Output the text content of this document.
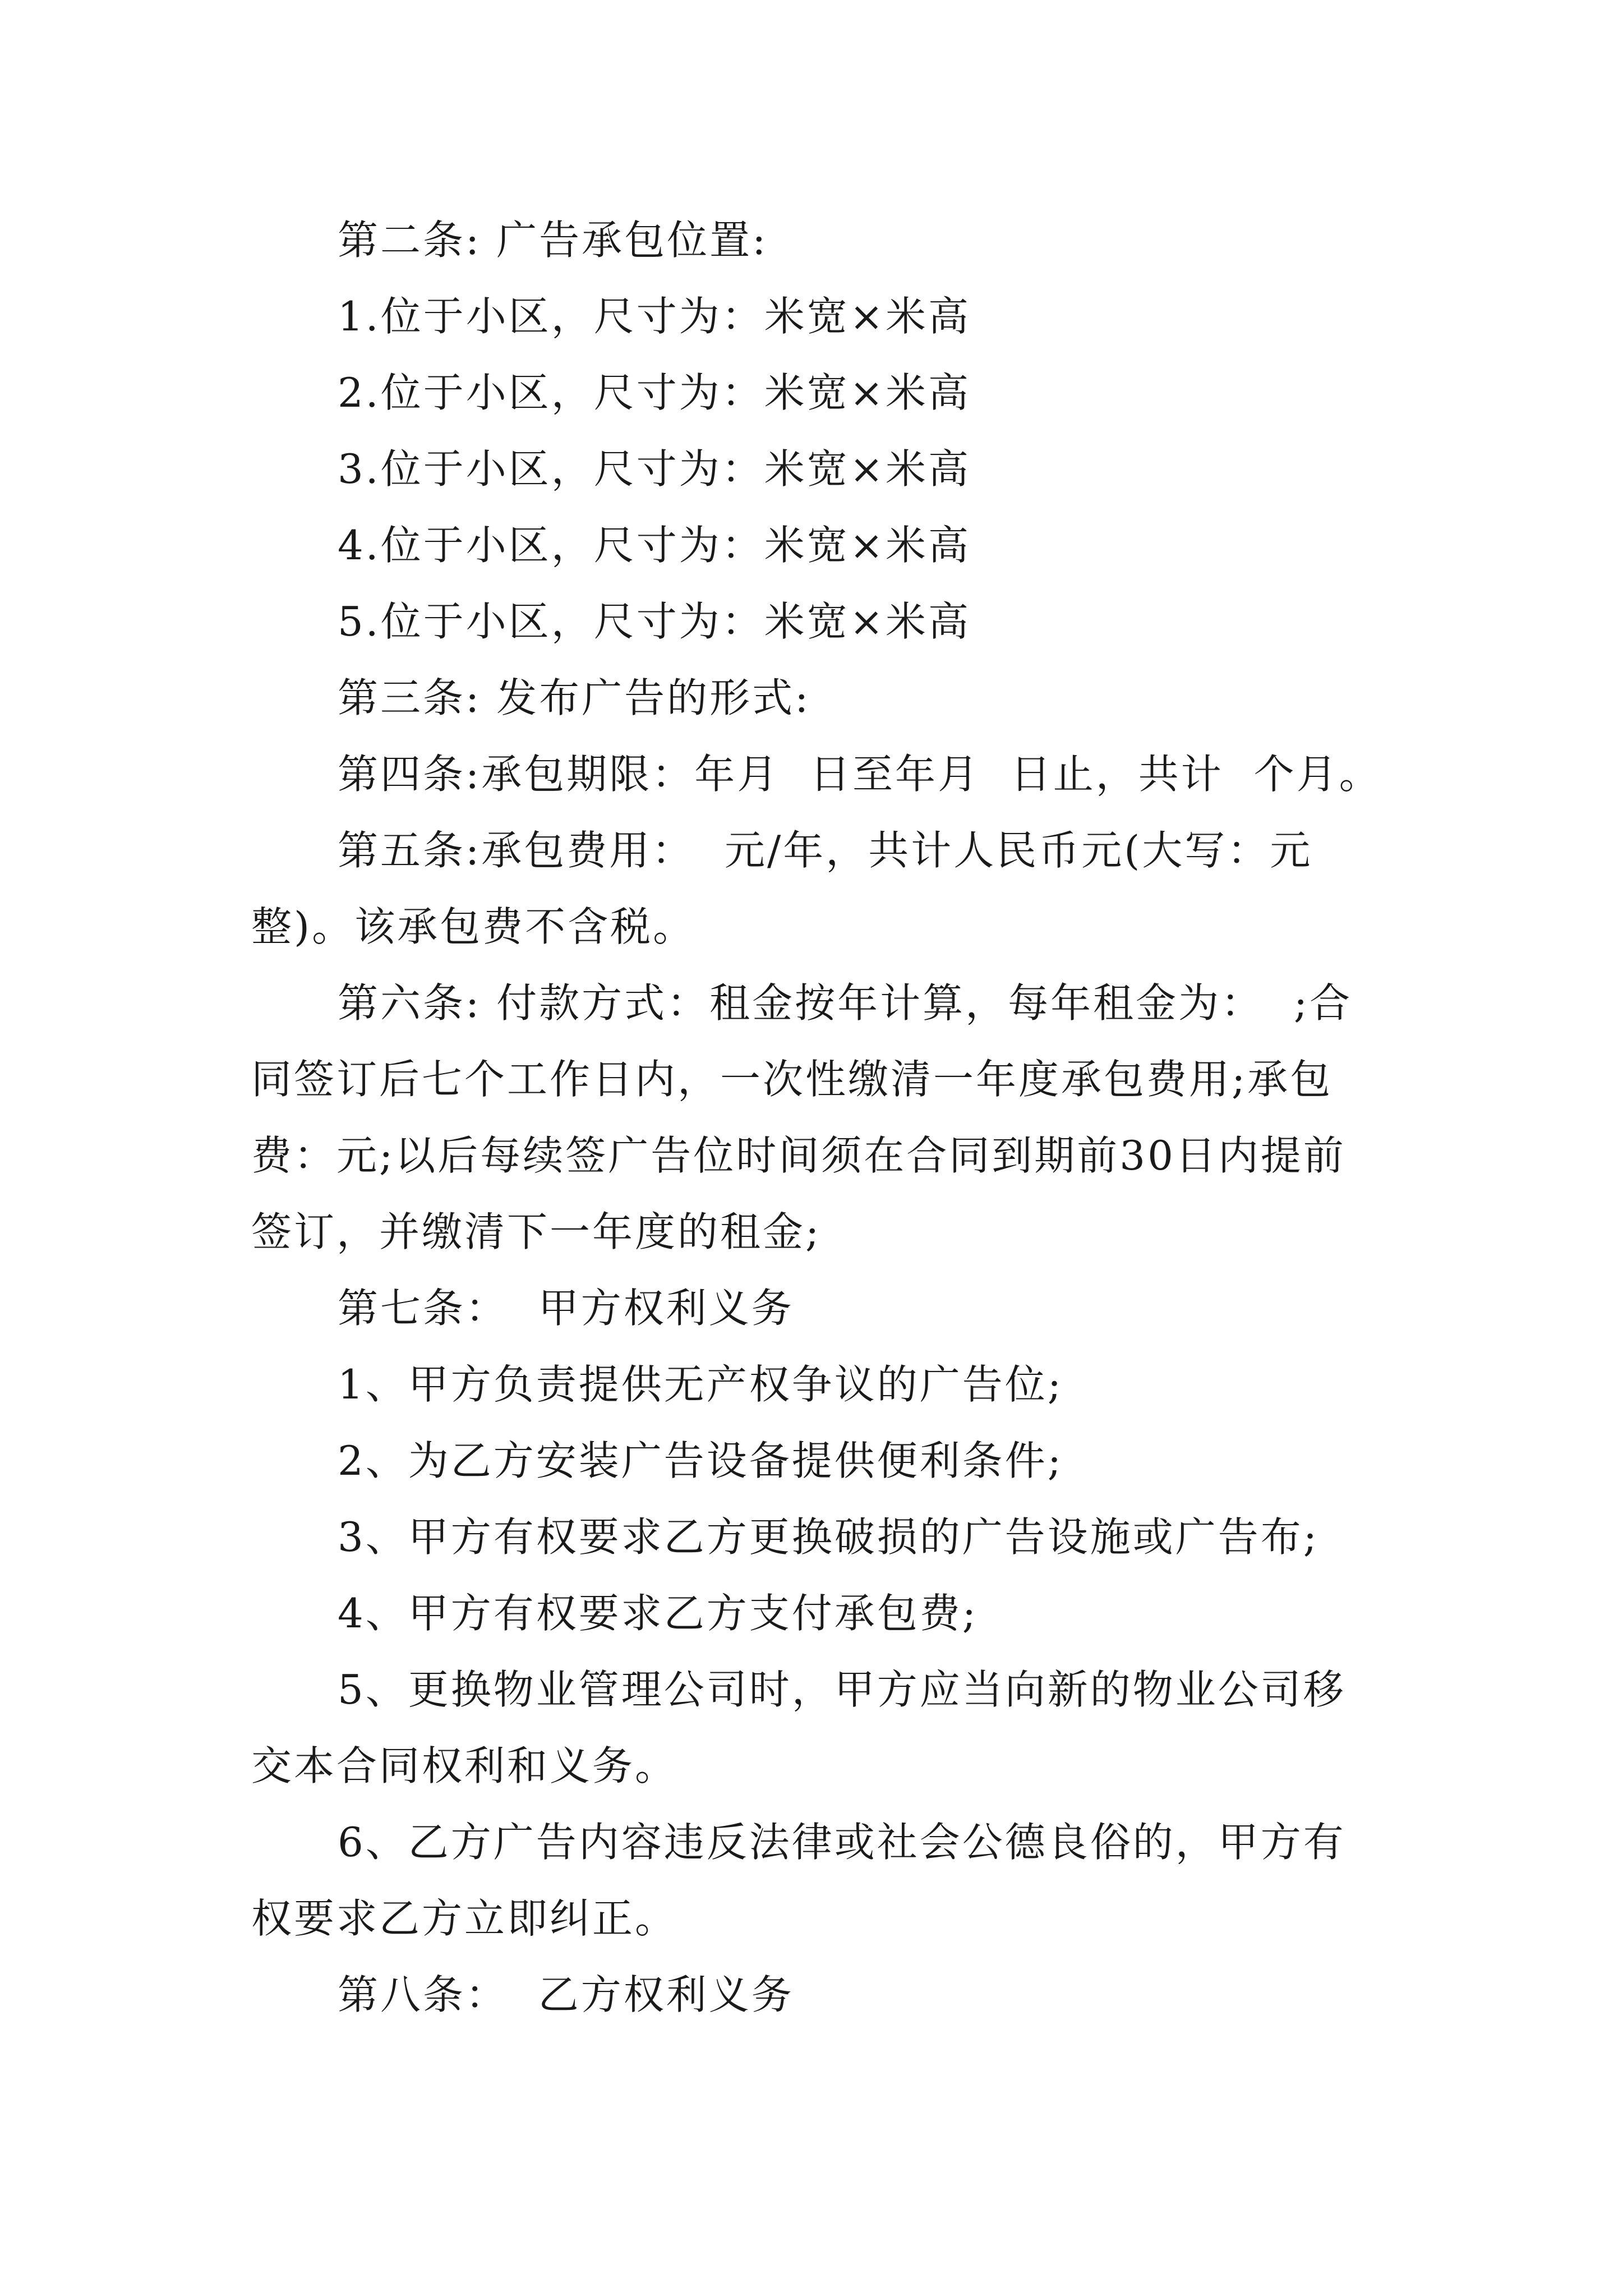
第二条: 广告承包位置:
1.位于小区，尺寸为：米宽×米高
2.位于小区，尺寸为：米宽×米高
3.位于小区，尺寸为：米宽×米高
4.位于小区，尺寸为：米宽×米高
5.位于小区，尺寸为：米宽×米高
第三条: 发布广告的形式:
第四条:承包期限：年月  日至年月  日止，共计  个月。
第五条:承包费用：  元/年，共计人民币元(大写：元
整)。该承包费不含税。
第六条: 付款方式：租金按年计算，每年租金为：  ;合
同签订后七个工作日内，一次性缴清一年度承包费用;承包
费：元;以后每续签广告位时间须在合同到期前30日内提前
签订，并缴清下一年度的租金;
第七条：  甲方权利义务
1、甲方负责提供无产权争议的广告位;
2、为乙方安装广告设备提供便利条件;
3、甲方有权要求乙方更换破损的广告设施或广告布;
4、甲方有权要求乙方支付承包费;
5、更换物业管理公司时，甲方应当向新的物业公司移
交本合同权利和义务。
6、乙方广告内容违反法律或社会公德良俗的，甲方有
权要求乙方立即纠正。
第八条：  乙方权利义务
